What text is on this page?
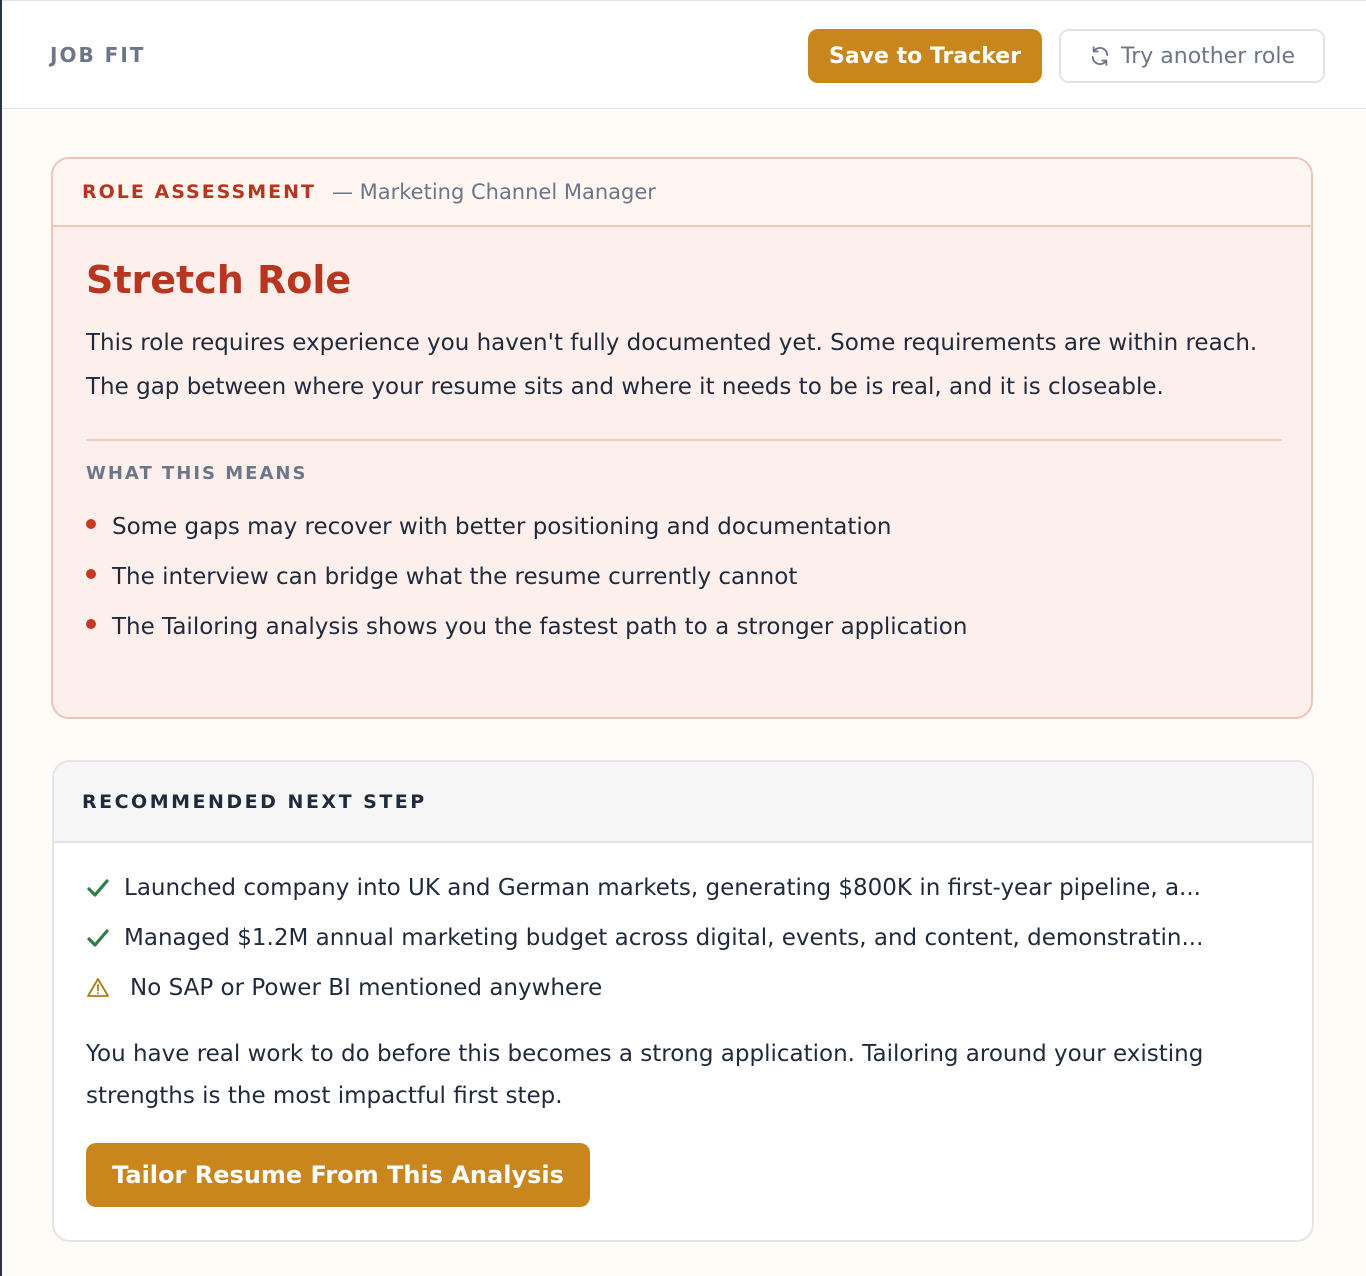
JOB FIT	Save to Tracker	Try another role
ROLE ASSESSMENT — Marketing Channel Manager
Stretch Role

This role requires experience you haven't fully documented yet. Some requirements are within reach. The gap between where your resume sits and where it needs to be is real, and it is closeable.

WHAT THIS MEANS
Some gaps may recover with better positioning and documentation
The interview can bridge what the resume currently cannot
The Tailoring analysis shows you the fastest path to a stronger application
RECOMMENDED NEXT STEP
Launched company into UK and German markets, generating $800K in first-year pipeline, a...
Managed $1.2M annual marketing budget across digital, events, and content, demonstratin...
No SAP or Power BI mentioned anywhere

You have real work to do before this becomes a strong application. Tailoring around your existing strengths is the most impactful first step.

Tailor Resume From This Analysis
